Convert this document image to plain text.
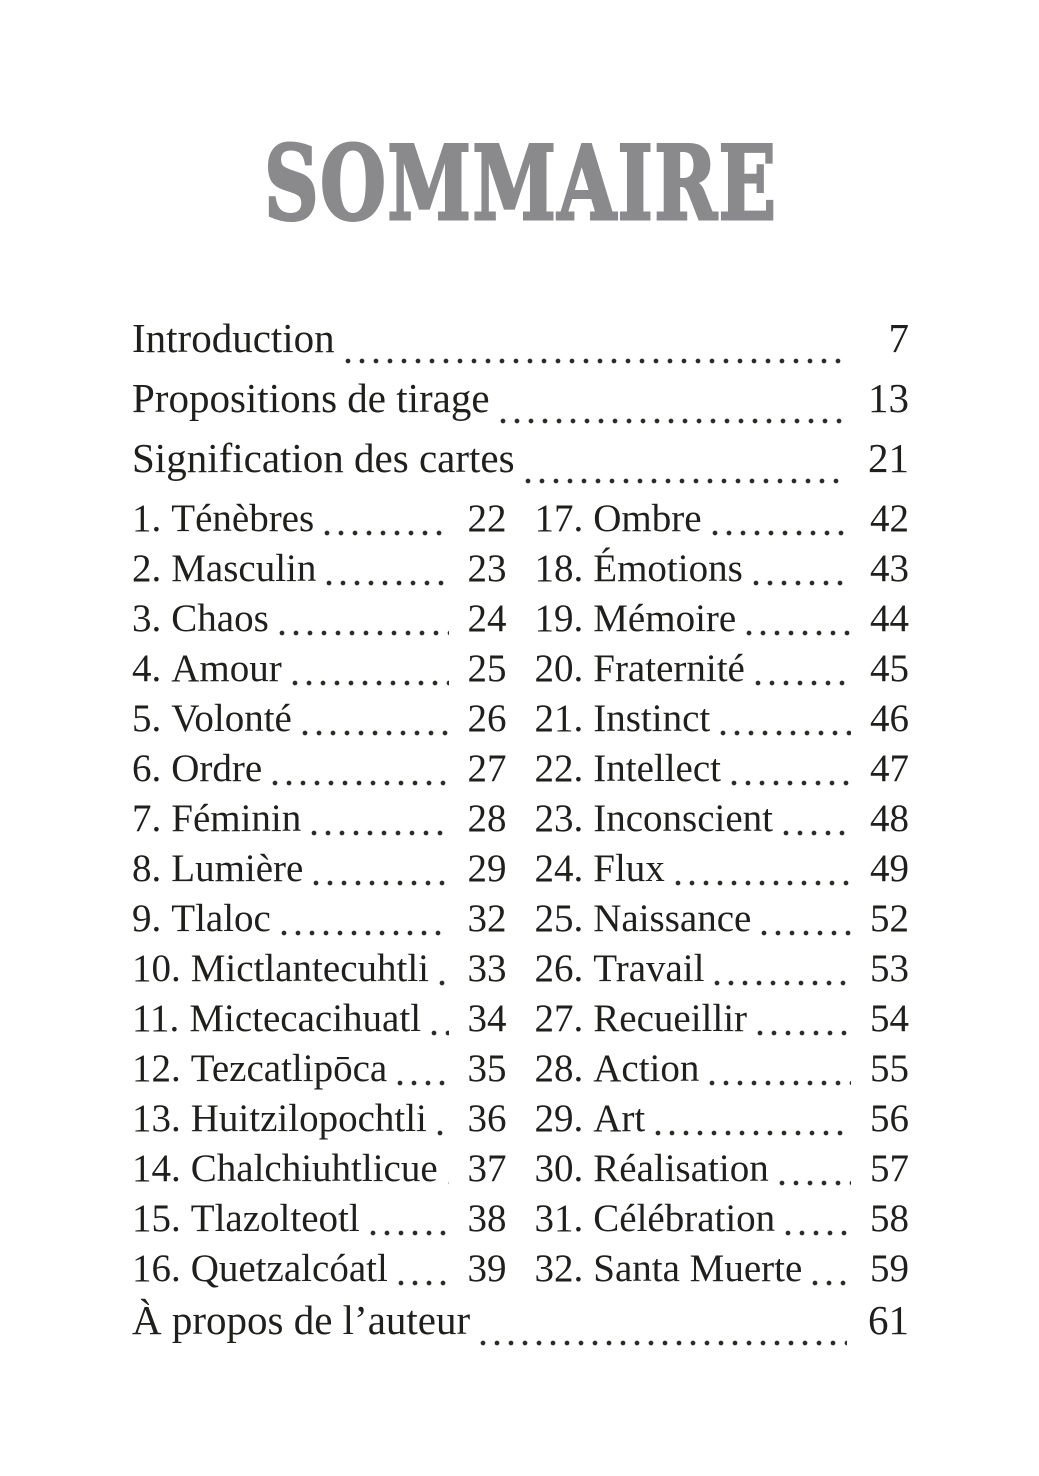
SOMMAIRE
Introduction	7
Propositions de tirage	13
Signification des cartes	21
1. Ténèbres	22
2. Masculin	23
3. Chaos	24
4. Amour	25
5. Volonté	26
6. Ordre	27
7. Féminin	28
8. Lumière	29
9. Tlaloc	32
10. Mictlantecuhtli 33
11. Mictecacihuatl	34
12. Tezcatlipōca	35
13. Huitzilopochtli	36
14. Chalchiuhtlicue 37
15. Tlazolteotl	38
16. Quetzalcóatl	39
17. Ombre	42
18. Émotions	43
19. Mémoire	44
20. Fraternité	45
21. Instinct	46
22. Intellect	47
23. Inconscient	48
24. Flux	49
25. Naissance	52
26. Travail	53
27. Recueillir	54
28. Action	55
29. Art	56
30. Réalisation	57
31. Célébration	58
32. Santa Muerte	59
À propos de l’auteur	61
